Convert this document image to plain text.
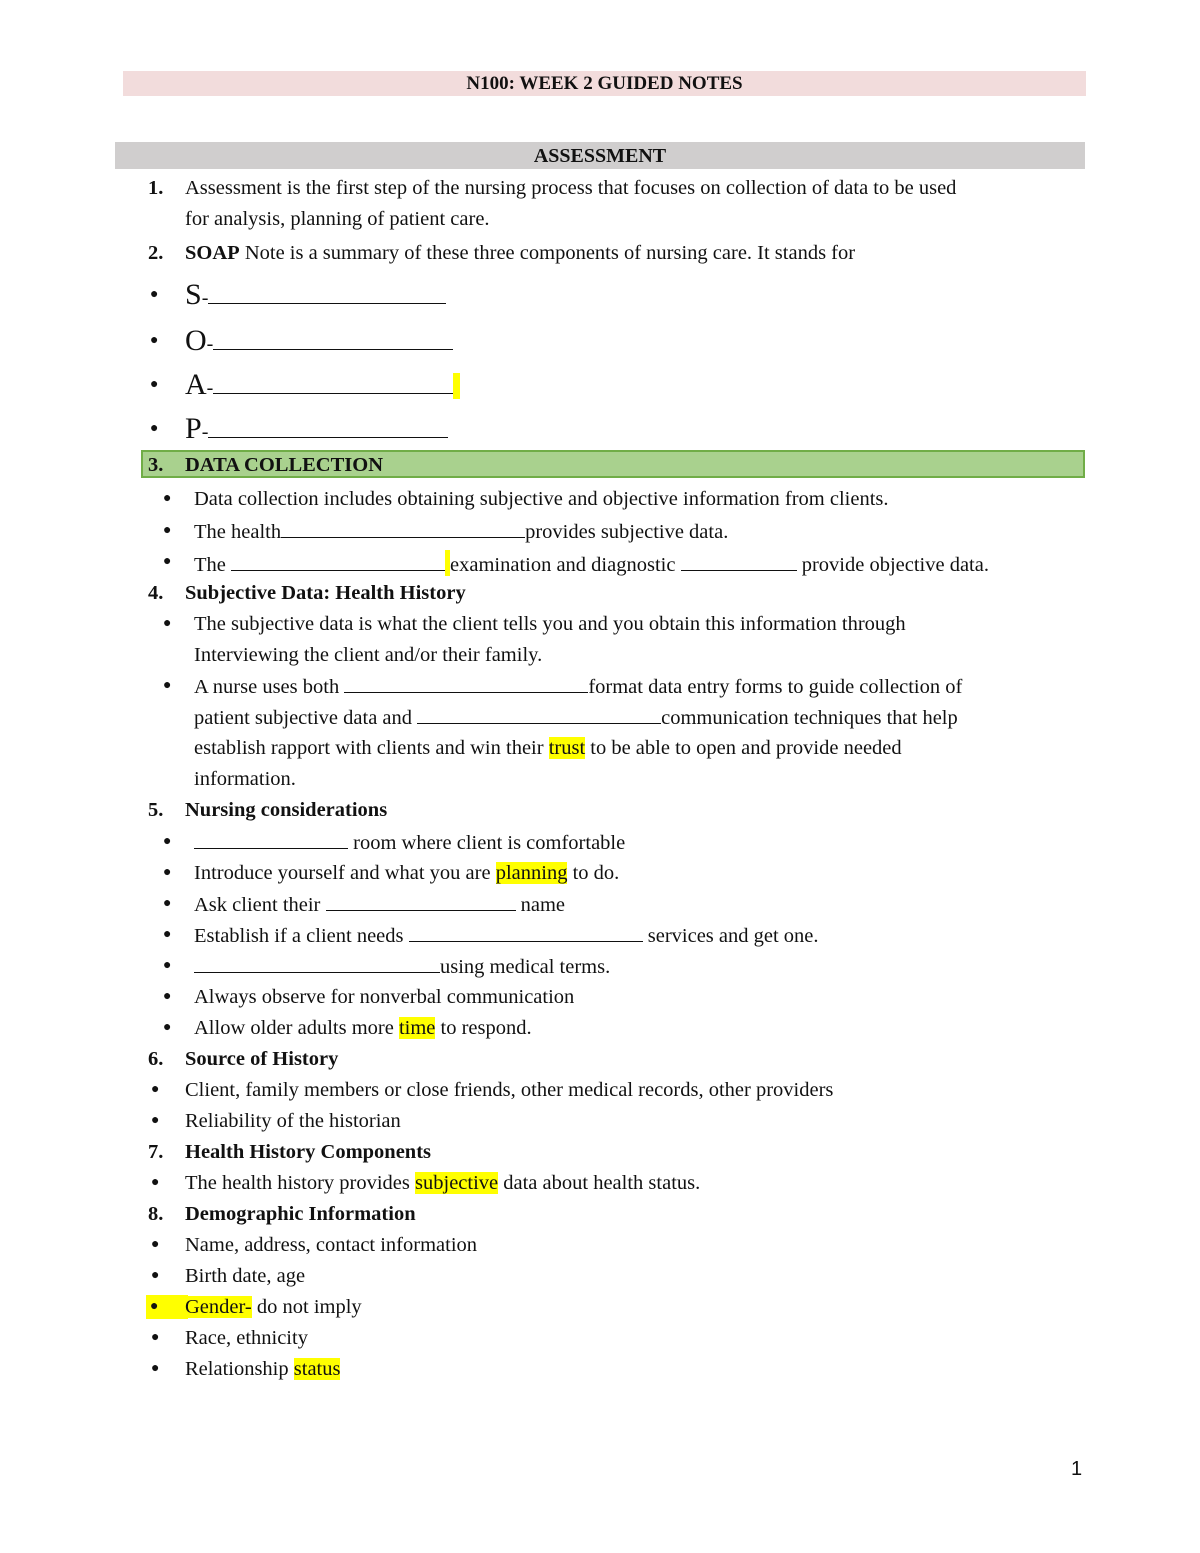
N100: WEEK 2 GUIDED NOTES
ASSESSMENT
1. Assessment is the first step of the nursing process that focuses on collection of data to be used
for analysis, planning of patient care.
2. SOAP Note is a summary of these three components of nursing care. It stands for
● S-
● O-
● A-
● P-
3. DATA COLLECTION
● Data collection includes obtaining subjective and objective information from clients.
● The health	provides subjective data.
● The	examination and diagnostic	provide objective data.
4. Subjective Data: Health History
● The subjective data is what the client tells you and you obtain this information through
Interviewing the client and/or their family.
● A nurse uses both	format data entry forms to guide collection of
patient subjective data and	communication techniques that help
establish rapport with clients and win their trust to be able to open and provide needed
information.
5. Nursing considerations
●	room where client is comfortable
● Introduce yourself and what you are planning to do.
● Ask client their	name
● Establish if a client needs	services and get one.
●	using medical terms.
● Always observe for nonverbal communication
● Allow older adults more time to respond.
6. Source of History
● Client, family members or close friends, other medical records, other providers
● Reliability of the historian
7. Health History Components
● The health history provides subjective data about health status.
8. Demographic Information
● Name, address, contact information
● Birth date, age
●	Gender- do not imply
● Race, ethnicity
● Relationship status
1
